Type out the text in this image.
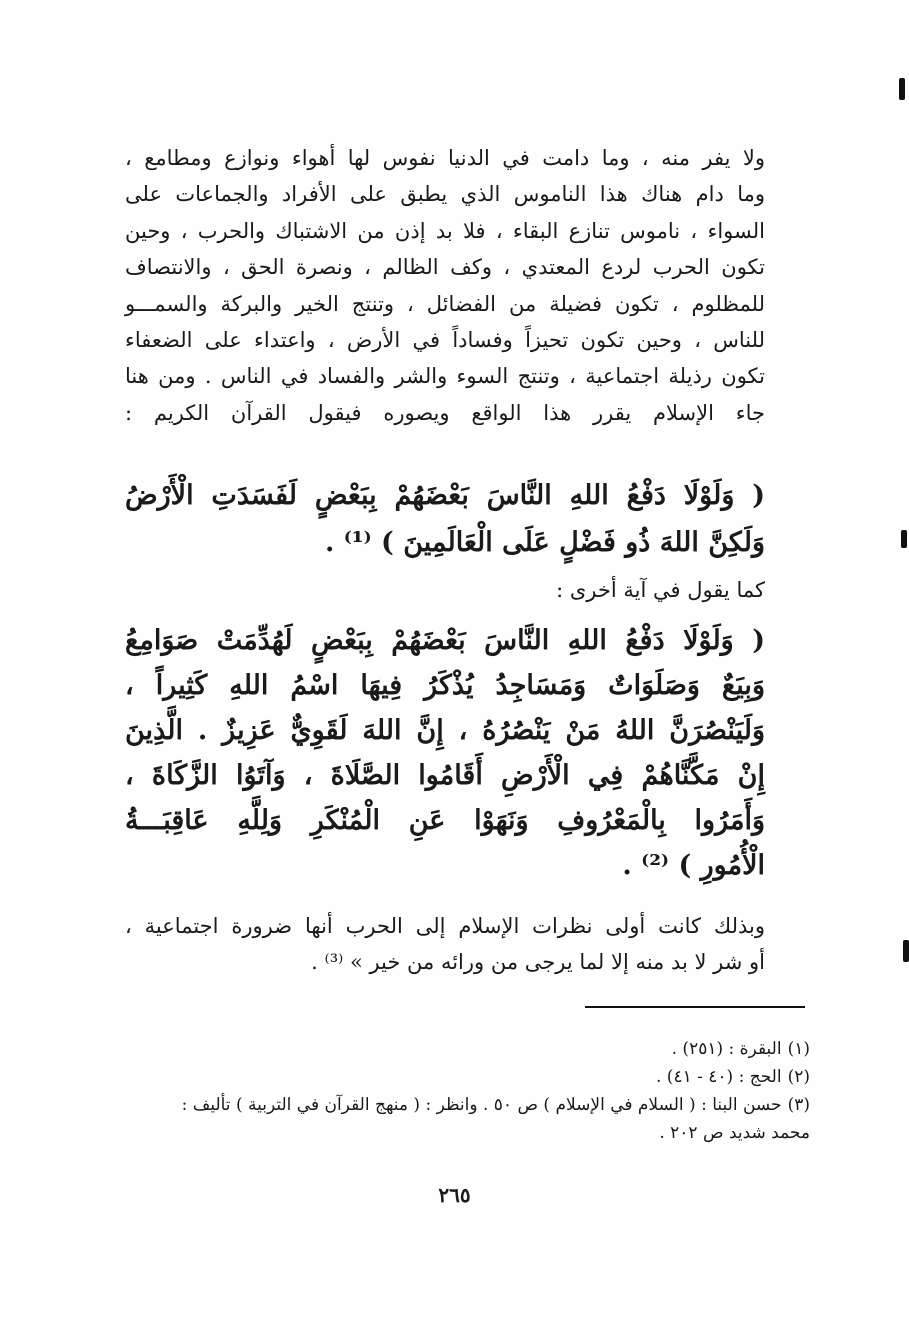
ولا يفر منه ، وما دامت في الدنيا نفوس لها أهواء ونوازع ومطامع ،
وما دام هناك هذا الناموس الذي يطبق على الأفراد والجماعات على
السواء ، ناموس تنازع البقاء ، فلا بد إذن من الاشتباك والحرب ، وحين
تكون الحرب لردع المعتدي ، وكف الظالم ، ونصرة الحق ، والانتصاف
للمظلوم ، تكون فضيلة من الفضائل ، وتنتج الخير والبركة والسمـــو
للناس ، وحين تكون تحيزاً وفساداً في الأرض ، واعتداء على الضعفاء
تكون رذيلة اجتماعية ، وتنتج السوء والشر والفساد في الناس . ومن هنا
جاء الإسلام يقرر هذا الواقع ويصوره فيقول القرآن الكريم :
( وَلَوْلَا دَفْعُ اللهِ النَّاسَ بَعْضَهُمْ بِبَعْضٍ لَفَسَدَتِ الْأَرْضُ
وَلَكِنَّ اللهَ ذُو فَضْلٍ عَلَى الْعَالَمِينَ ) ⁽¹⁾ .
كما يقول في آية أخرى :
( وَلَوْلَا دَفْعُ اللهِ النَّاسَ بَعْضَهُمْ بِبَعْضٍ لَهُدِّمَتْ صَوَامِعُ
وَبِيَعٌ وَصَلَوَاتٌ وَمَسَاجِدُ يُذْكَرُ فِيهَا اسْمُ اللهِ كَثِيراً ،
وَلَيَنْصُرَنَّ اللهُ مَنْ يَنْصُرُهُ ، إِنَّ اللهَ لَقَوِيٌّ عَزِيزٌ . الَّذِينَ
إِنْ مَكَّنَّاهُمْ فِي الْأَرْضِ أَقَامُوا الصَّلَاةَ ، وَآتَوُا الزَّكَاةَ ،
وَأَمَرُوا بِالْمَعْرُوفِ وَنَهَوْا عَنِ الْمُنْكَرِ وَلِلَّهِ عَاقِبَـــةُ
الْأُمُورِ ) ⁽²⁾ .
وبذلك كانت أولى نظرات الإسلام إلى الحرب أنها ضرورة اجتماعية ،
أو شر لا بد منه إلا لما يرجى من ورائه من خير » ⁽³⁾ .
(١)البقرة : (٢٥١) .
(٢)الحج : (٤٠ - ٤١) .
(٣)حسن البنا : ( السلام في الإسلام ) ص ٥٠ . وانظر : ( منهج القرآن في التربية ) تأليف :
محمد شديد ص ٢٠٢ .
٢٦٥
